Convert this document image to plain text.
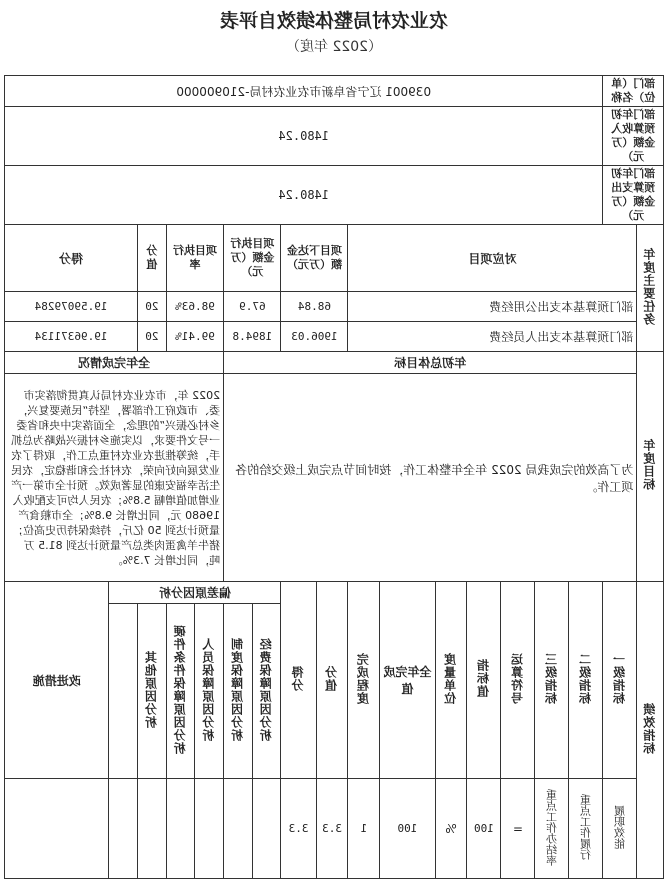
农业农村局整体绩效自评表
（2022 年度）
部门（单位）名称		039001 辽宁省阜新市农业农村局-210900000															
部门年初预算收入金额（万元）		1480.24															
部门年初预算支出金额（万元）		1480.24															
年度主要任务	对应项目								项目下达金额（万元）		项目执行金额（万元）		项目执行率		分值	得分	
	部门预算基本支出公用经费								68.84		67.9		98.63%		20	19.59079284	
	部门预算基本支出人员经费								1906.03		1894.8		99.41%		20	19.96371134	
年度目标	年初总体目标												全年完成情况				
	为了高效的完成我局 2022 年全年整体工作，按时间节点完成上级交给的各项工作。												2022 年，市农业农村局认真贯彻落实市委、市政府工作部署，坚持“民族要复兴，乡村必振兴”的理念，全面落实中央和省委一号文件要求，以实施乡村振兴战略为总抓手，统筹推进农业农村重点工作，取得了农业发展向好向荣，农村社会和谐稳定，农民生活幸福安康的显著成效。预计全市第一产业增加值增幅 5.8%；农民人均可支配收入 19680 元，同比增长 9.8%；全市粮食产量预计达到 50 亿斤，持续保持历史高位；猪牛羊禽蛋肉类总产量预计达到 81.5 万吨，同比增长 7.3%。				
绩效指标	一级指标	二级指标	三级指标	运算符号	指标值	度量单位	全年完成值	完成程度	分值	得分	偏差原因分析						改进措施
											经费保障原因分析	制度保障原因分析	人员保障原因分析	硬件条件保障原因分析	其他原因分析		
	履职效能	重点工作履行	重点工作办结率	=	100	%	100	1	3.3	3.3							
